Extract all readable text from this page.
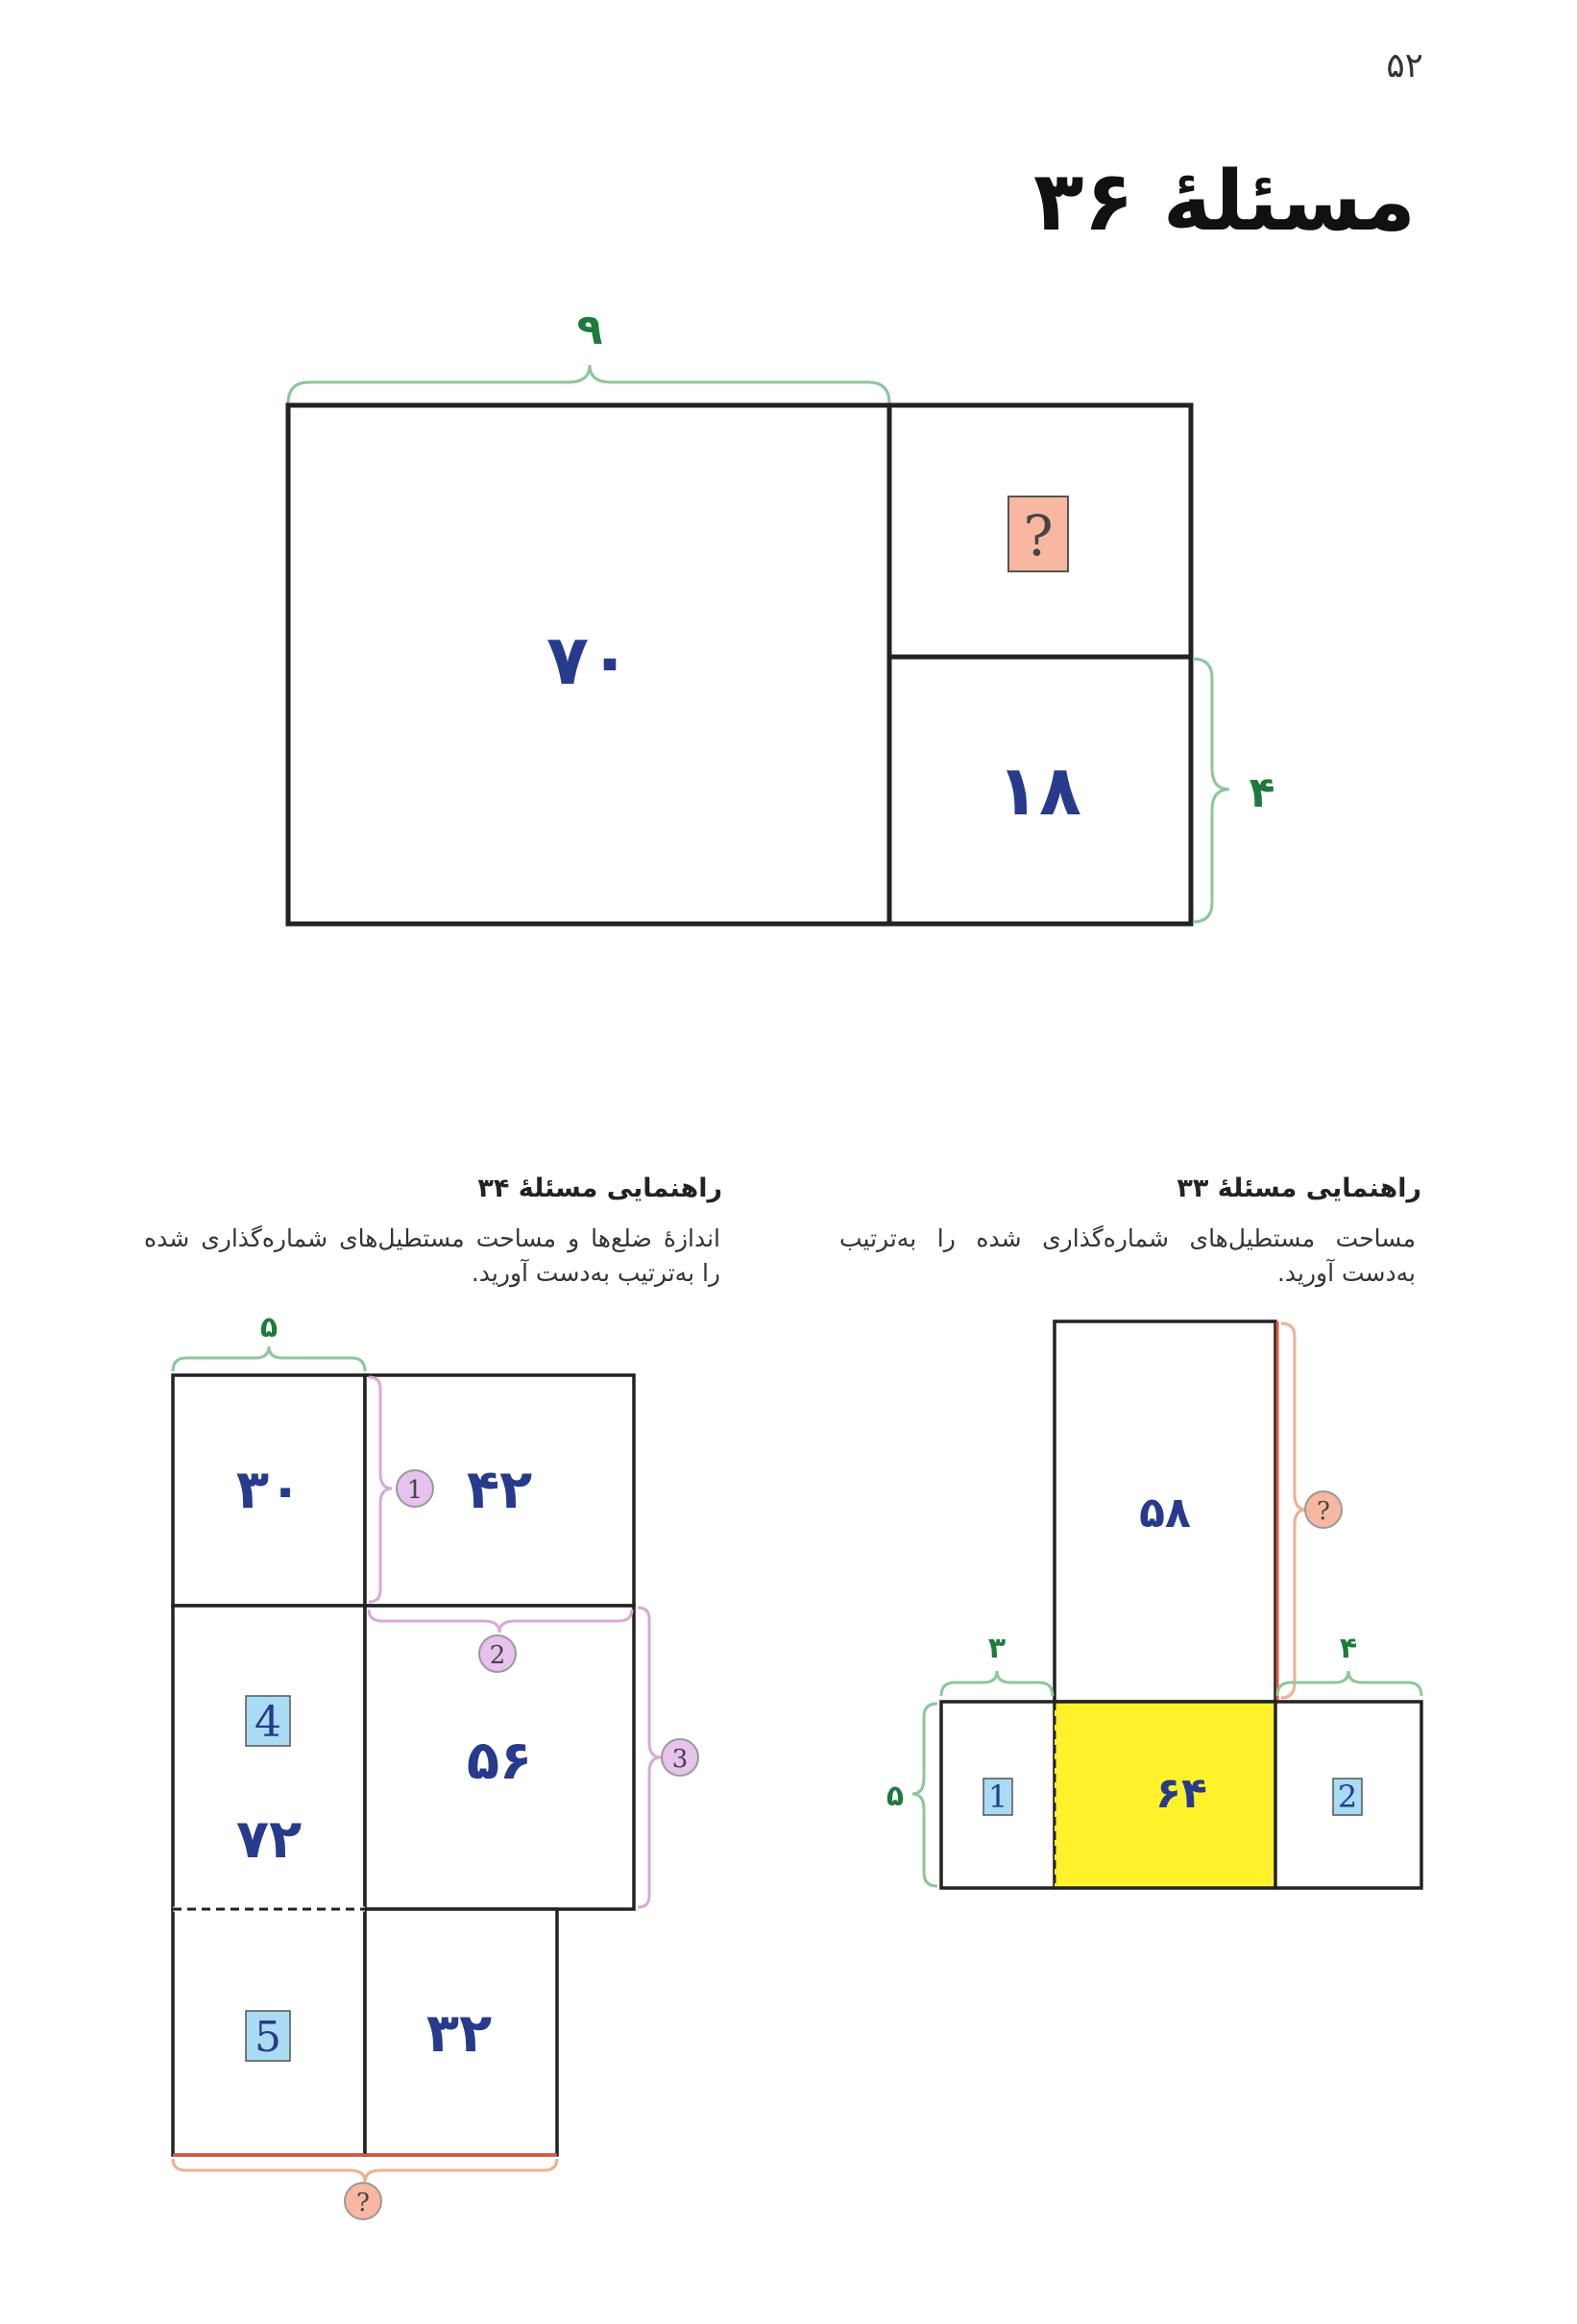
۵۲
مسئلهٔ ۳۶
راهنمایی مسئلهٔ ۳۳
مساحت مستطیل‌های شماره‌گذاری شده را به‌ترتیب به‌دست آورید.
راهنمایی مسئلهٔ ۳۴
اندازهٔ ضلع‌ها و مساحت مستطیل‌های شماره‌گذاری شده را به‌ترتیب به‌دست آورید.
۹
?
۷۰
۱۸	۴
۵۸	?
۳	۴
۶۴
1	2
۵
۵
?
۳۰	۴۲
۵۶
۷۲
۳۲
4
5
1
2
3
